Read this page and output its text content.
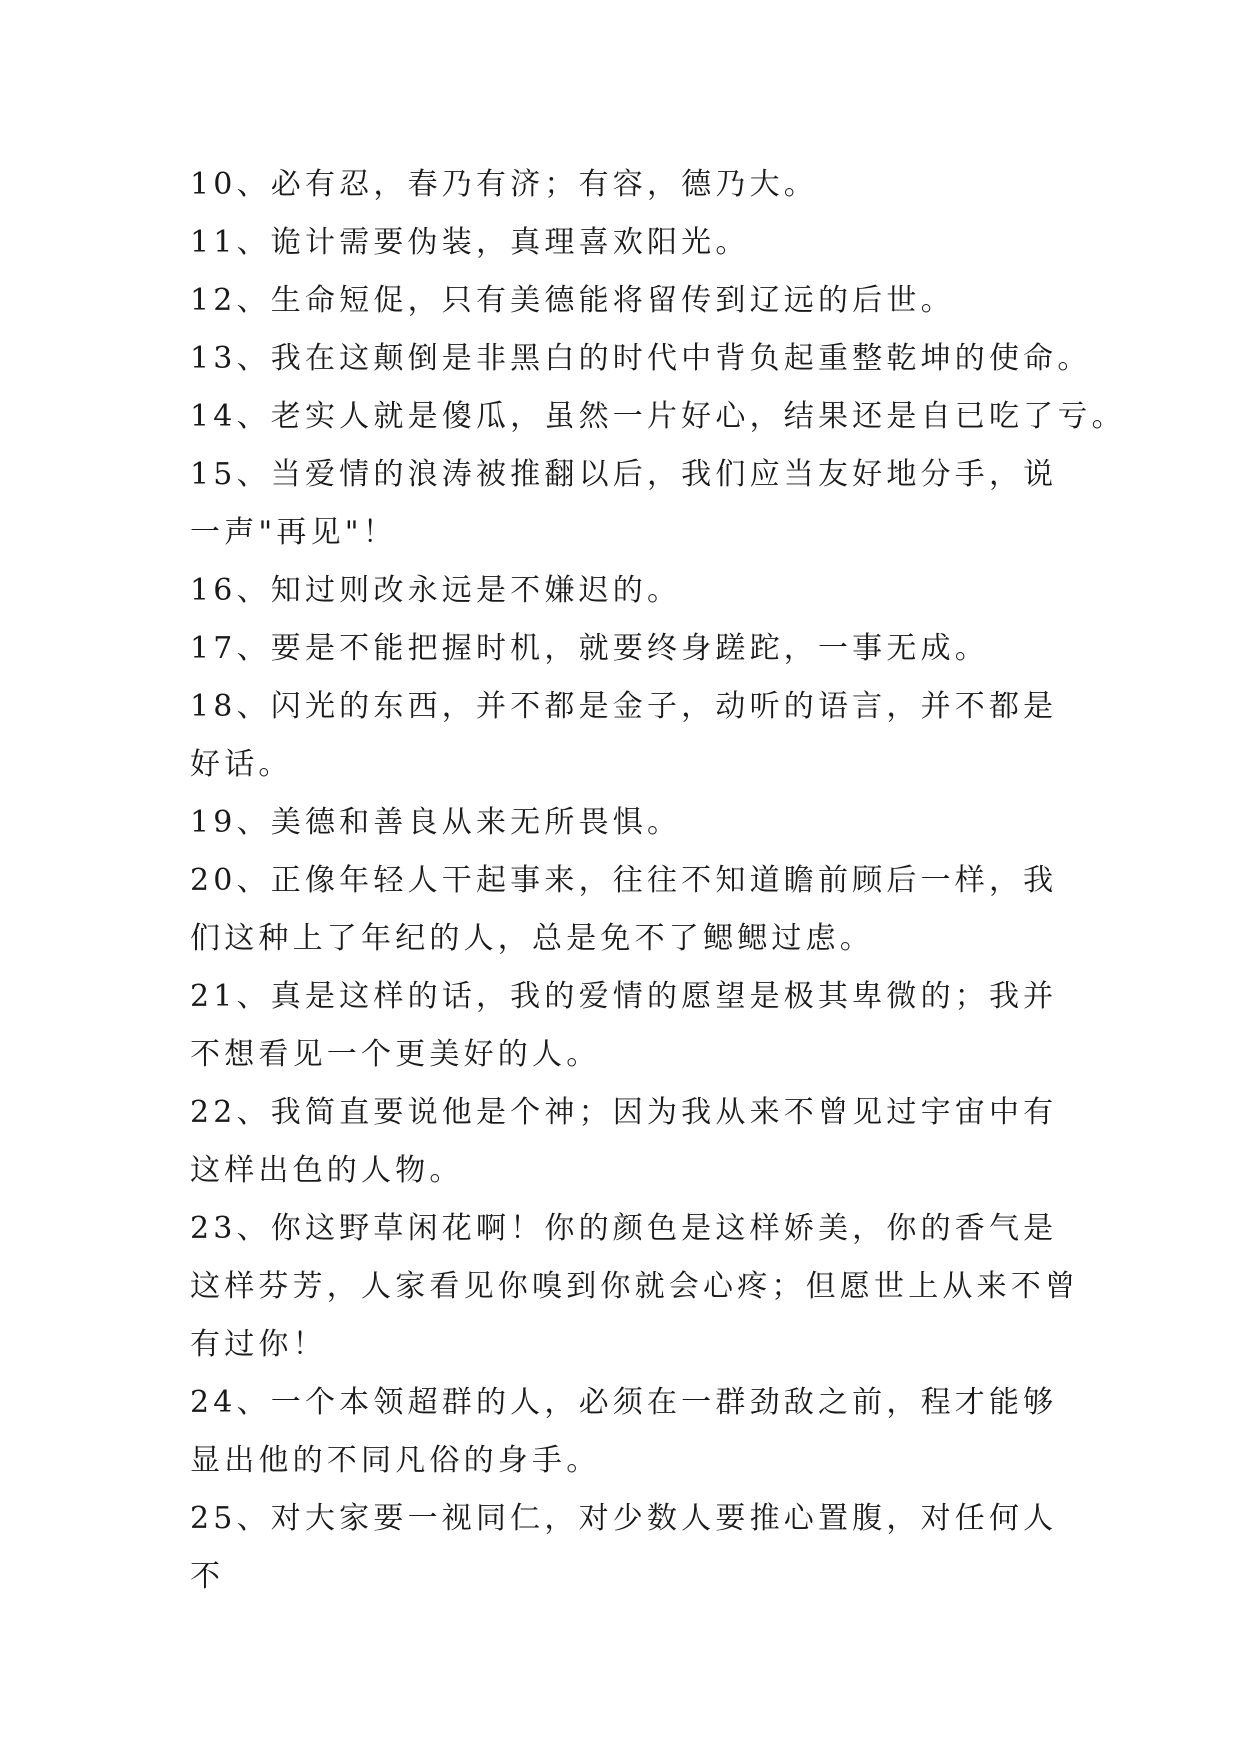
10、必有忍，春乃有济；有容，德乃大。

11、诡计需要伪装，真理喜欢阳光。

12、生命短促，只有美德能将留传到辽远的后世。

13、我在这颠倒是非黑白的时代中背负起重整乾坤的使命。

14、老实人就是傻瓜，虽然一片好心，结果还是自已吃了亏。

15、当爱情的浪涛被推翻以后，我们应当友好地分手，说一声"再见"！

16、知过则改永远是不嫌迟的。

17、要是不能把握时机，就要终身蹉跎，一事无成。

18、闪光的东西，并不都是金子，动听的语言，并不都是好话。

19、美德和善良从来无所畏惧。

20、正像年轻人干起事来，往往不知道瞻前顾后一样，我们这种上了年纪的人，总是免不了鳃鳃过虑。

21、真是这样的话，我的爱情的愿望是极其卑微的；我并不想看见一个更美好的人。

22、我简直要说他是个神；因为我从来不曾见过宇宙中有这样出色的人物。

23、你这野草闲花啊！你的颜色是这样娇美，你的香气是这样芬芳，人家看见你嗅到你就会心疼；但愿世上从来不曾有过你！

24、一个本领超群的人，必须在一群劲敌之前，程才能够显出他的不同凡俗的身手。

25、对大家要一视同仁，对少数人要推心置腹，对任何人不
